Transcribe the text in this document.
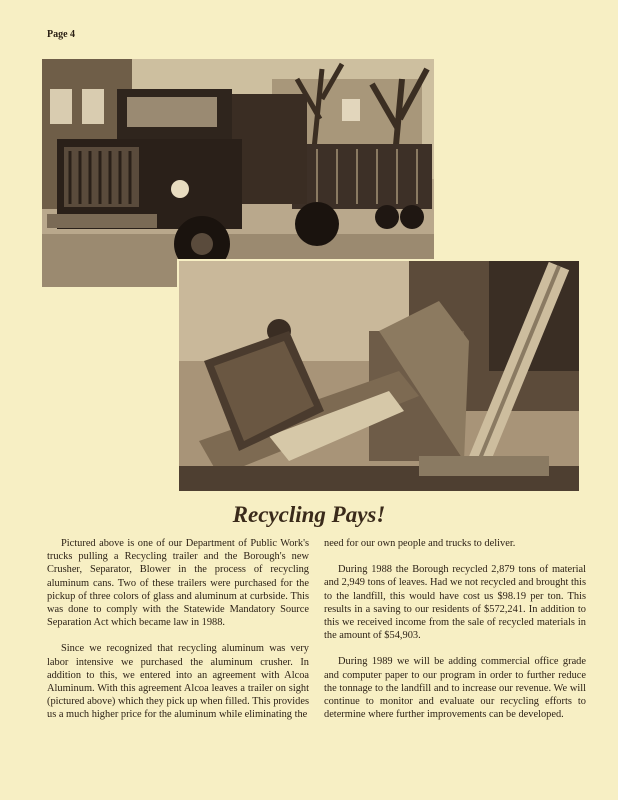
Page 4
Recycling Pays!

Pictured above is one of our Department of Public Work's trucks pulling a Recycling trailer and the Borough's new Crusher, Separator, Blower in the process of recycling aluminum cans. Two of these trailers were purchased for the pickup of three colors of glass and aluminum at curbside. This was done to comply with the Statewide Mandatory Source Separation Act which became law in 1988.

Since we recognized that recycling aluminum was very labor intensive we purchased the aluminum crusher. In addition to this, we entered into an agreement with Alcoa Aluminum. With this agreement Alcoa leaves a trailer on sight (pictured above) which they pick up when filled. This provides us a much higher price for the aluminum while eliminating the

need for our own people and trucks to deliver.

During 1988 the Borough recycled 2,879 tons of material and 2,949 tons of leaves. Had we not recycled and brought this to the landfill, this would have cost us $98.19 per ton. This results in a saving to our residents of $572,241. In addition to this we received income from the sale of recycled materials in the amount of $54,903.

During 1989 we will be adding commercial office grade and computer paper to our program in order to further reduce the tonnage to the landfill and to increase our revenue. We will continue to monitor and evaluate our recycling efforts to determine where further improvements can be developed.
